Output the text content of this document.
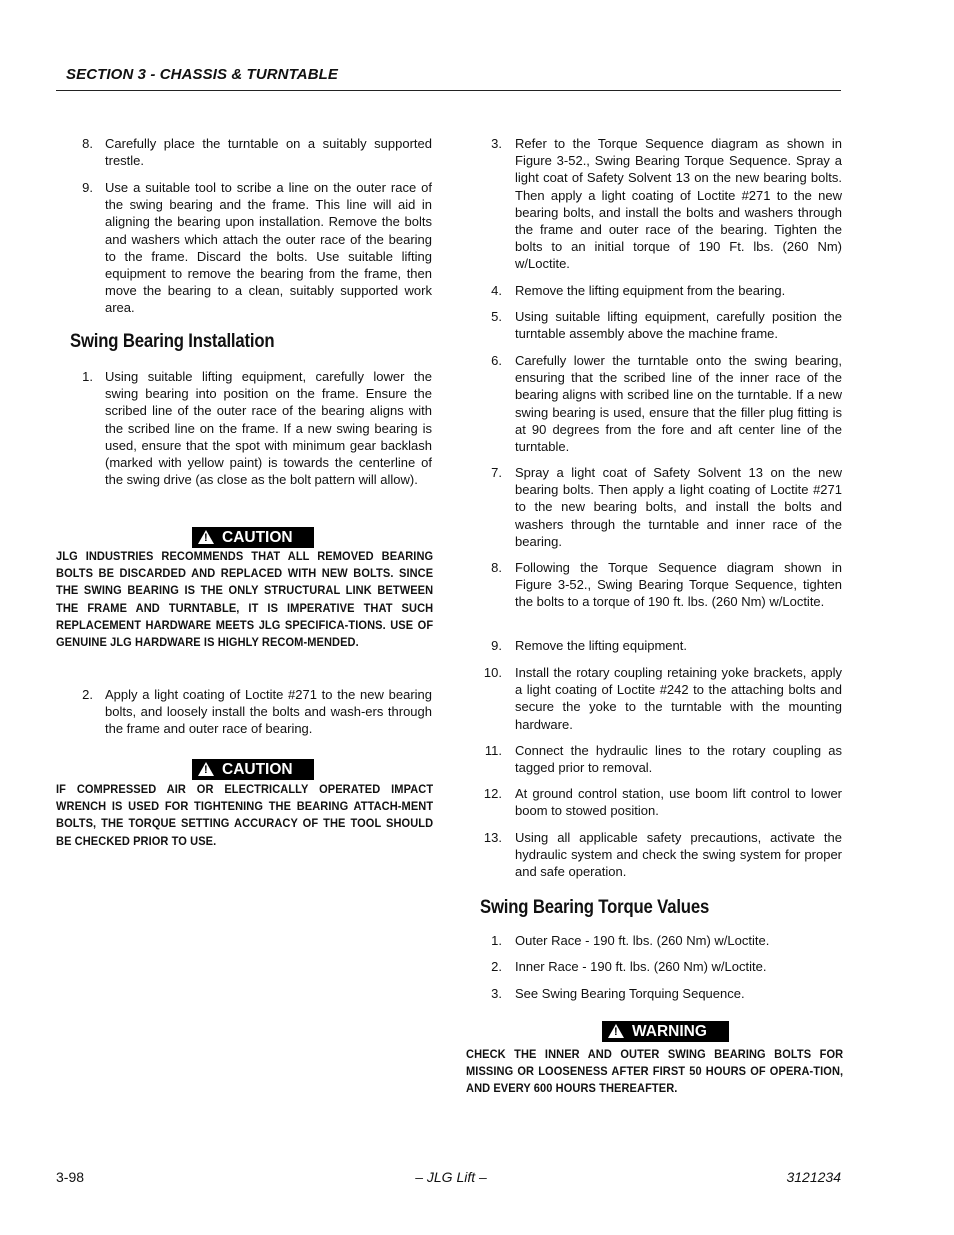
SECTION 3 - CHASSIS & TURNTABLE
8. Carefully place the turntable on a suitably supported trestle.
9. Use a suitable tool to scribe a line on the outer race of the swing bearing and the frame. This line will aid in aligning the bearing upon installation. Remove the bolts and washers which attach the outer race of the bearing to the frame. Discard the bolts. Use suitable lifting equipment to remove the bearing from the frame, then move the bearing to a clean, suitably supported work area.
Swing Bearing Installation
1. Using suitable lifting equipment, carefully lower the swing bearing into position on the frame. Ensure the scribed line of the outer race of the bearing aligns with the scribed line on the frame. If a new swing bearing is used, ensure that the spot with minimum gear backlash (marked with yellow paint) is towards the centerline of the swing drive (as close as the bolt pattern will allow).
! CAUTION
JLG INDUSTRIES RECOMMENDS THAT ALL REMOVED BEARING BOLTS BE DISCARDED AND REPLACED WITH NEW BOLTS. SINCE THE SWING BEARING IS THE ONLY STRUCTURAL LINK BETWEEN THE FRAME AND TURNTABLE, IT IS IMPERATIVE THAT SUCH REPLACEMENT HARDWARE MEETS JLG SPECIFICA-TIONS. USE OF GENUINE JLG HARDWARE IS HIGHLY RECOM-MENDED.
2. Apply a light coating of Loctite #271 to the new bearing bolts, and loosely install the bolts and wash-ers through the frame and outer race of bearing.
! CAUTION
IF COMPRESSED AIR OR ELECTRICALLY OPERATED IMPACT WRENCH IS USED FOR TIGHTENING THE BEARING ATTACH-MENT BOLTS, THE TORQUE SETTING ACCURACY OF THE TOOL SHOULD BE CHECKED PRIOR TO USE.
3. Refer to the Torque Sequence diagram as shown in Figure 3-52., Swing Bearing Torque Sequence. Spray a light coat of Safety Solvent 13 on the new bearing bolts. Then apply a light coating of Loctite #271 to the new bearing bolts, and install the bolts and washers through the frame and outer race of the bearing. Tighten the bolts to an initial torque of 190 Ft. lbs. (260 Nm) w/Loctite.
4. Remove the lifting equipment from the bearing.
5. Using suitable lifting equipment, carefully position the turntable assembly above the machine frame.
6. Carefully lower the turntable onto the swing bearing, ensuring that the scribed line of the inner race of the bearing aligns with scribed line on the turntable. If a new swing bearing is used, ensure that the filler plug fitting is at 90 degrees from the fore and aft center line of the turntable.
7. Spray a light coat of Safety Solvent 13 on the new bearing bolts. Then apply a light coating of Loctite #271 to the new bearing bolts, and install the bolts and washers through the turntable and inner race of the bearing.
8. Following the Torque Sequence diagram shown in Figure 3-52., Swing Bearing Torque Sequence, tighten the bolts to a torque of 190 ft. lbs. (260 Nm) w/Loctite.
9. Remove the lifting equipment.
10. Install the rotary coupling retaining yoke brackets, apply a light coating of Loctite #242 to the attaching bolts and secure the yoke to the turntable with the mounting hardware.
11. Connect the hydraulic lines to the rotary coupling as tagged prior to removal.
12. At ground control station, use boom lift control to lower boom to stowed position.
13. Using all applicable safety precautions, activate the hydraulic system and check the swing system for proper and safe operation.
Swing Bearing Torque Values
1. Outer Race - 190 ft. lbs. (260 Nm) w/Loctite.
2. Inner Race - 190 ft. lbs. (260 Nm) w/Loctite.
3. See Swing Bearing Torquing Sequence.
! WARNING
CHECK THE INNER AND OUTER SWING BEARING BOLTS FOR MISSING OR LOOSENESS AFTER FIRST 50 HOURS OF OPERA-TION, AND EVERY 600 HOURS THEREAFTER.
3-98	– JLG Lift –	3121234
